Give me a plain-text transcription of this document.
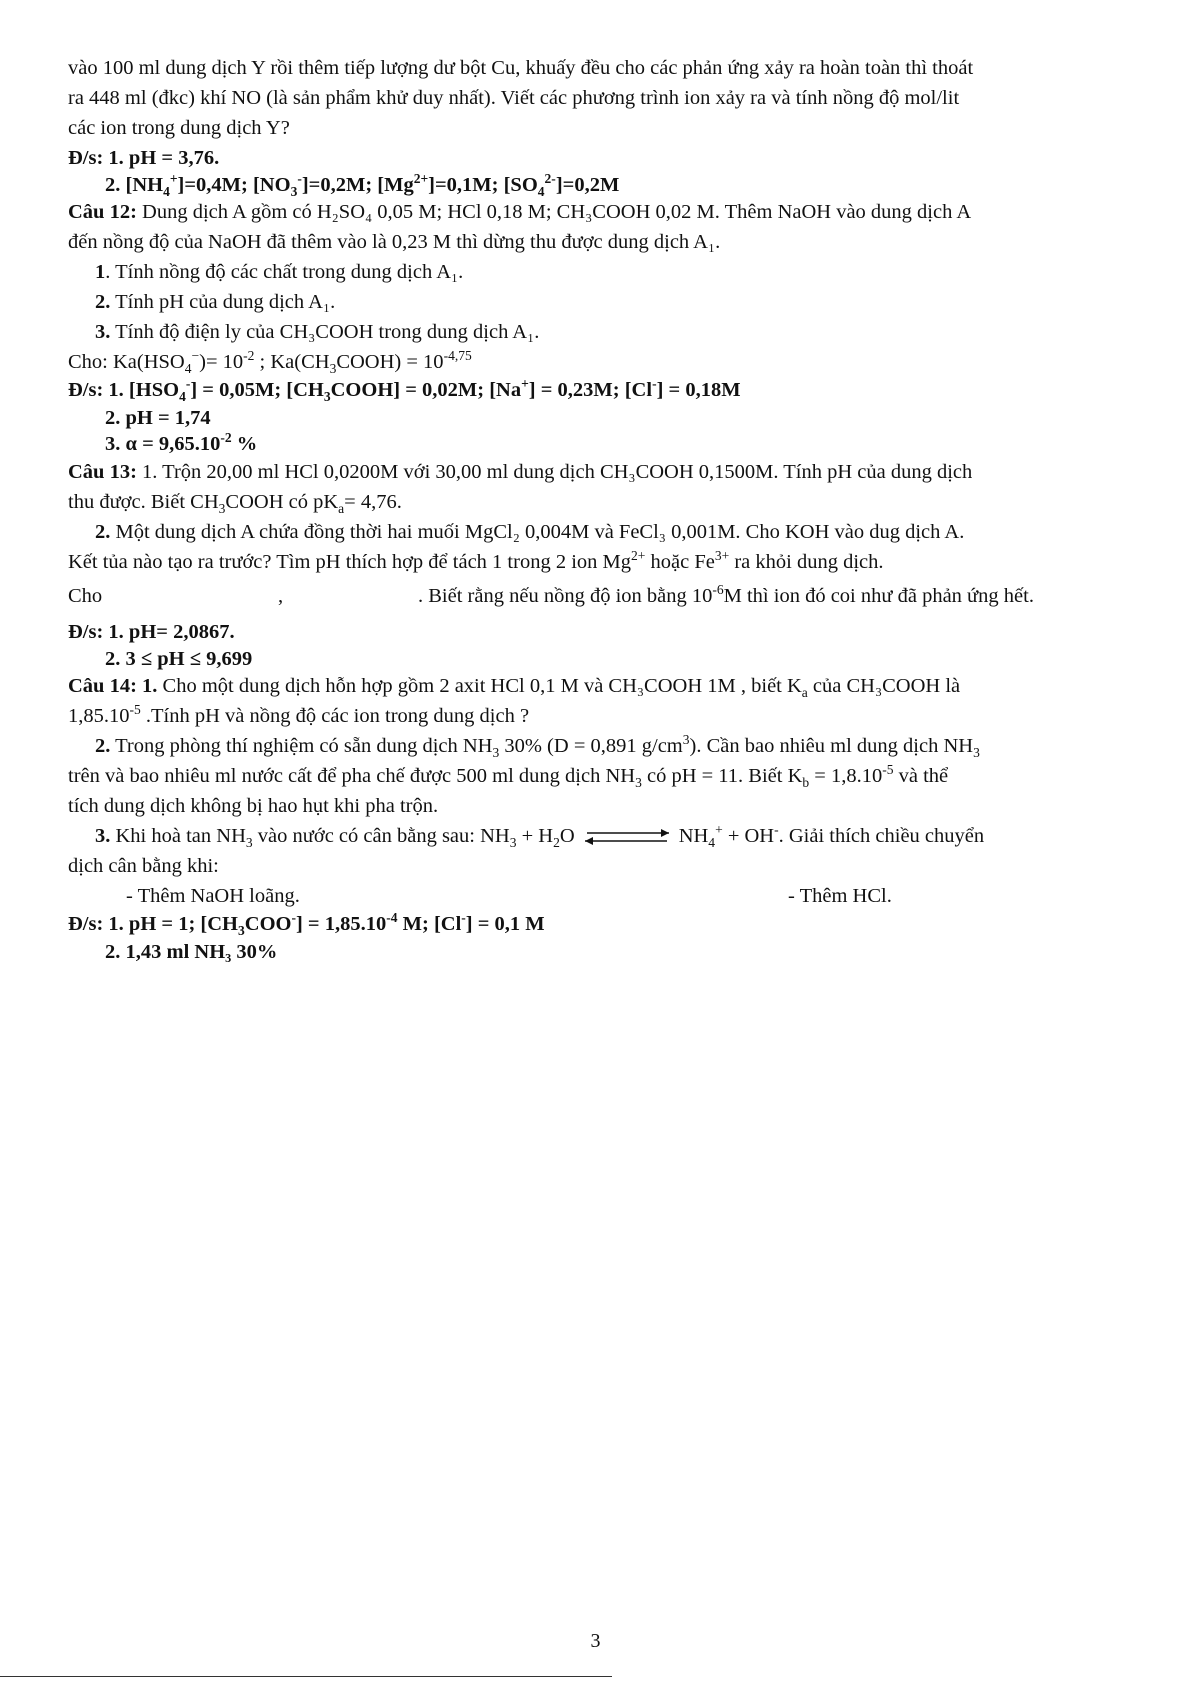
vào 100 ml dung dịch Y rồi thêm tiếp lượng dư bột Cu, khuấy đều cho các phản ứng xảy ra hoàn toàn thì thoát
ra 448 ml (đkc) khí NO (là sản phẩm khử duy nhất). Viết các phương trình ion xảy ra và tính nồng độ mol/lit
các ion trong dung dịch Y?
Đ/s: 1. pH = 3,76.
2. $[NH_4^+]=0,4M$; $[NO_3^-]=0,2M$; $[Mg^{2+}]=0,1M$; $[SO_4^{2-}]=0,2M$
Câu 12: Dung dịch A gồm có H₂SO₄ 0,05 M; HCl 0,18 M; CH₃COOH 0,02 M. Thêm NaOH vào dung dịch A
đến nồng độ của NaOH đã thêm vào là 0,23 M thì dừng thu được dung dịch A₁.
1. Tính nồng độ các chất trong dung dịch A₁.
2. Tính pH của dung dịch A₁.
3. Tính độ điện ly của CH₃COOH trong dung dịch A₁.
Cho: $Ka(HSO_4^-)= 10^{-2}$ ; $Ka(CH_3COOH) = 10^{-4,75}$
Đ/s: 1. $[HSO_4^-] = 0,05M$; $[CH_3COOH] = 0,02M$; [Na+] = 0,23M; [Cl-] = 0,18M
2. pH = 1,74
3. $\alpha = 9,65.10^{-2}$ %
Câu 13: 1. Trộn 20,00 ml HCl 0,0200M với 30,00 ml dung dịch CH₃COOH 0,1500M. Tính pH của dung dịch
thu được. Biết $CH_3COOH$ có $pK_a= 4,76$.
2. Một dung dịch A chứa đồng thời hai muối MgCl₂ 0,004M và FeCl₃ 0,001M. Cho KOH vào dug dịch A.
Kết tủa nào tạo ra trước? Tìm pH thích hợp để tách 1 trong 2 ion $Mg^{2+}$ hoặc $Fe^{3+}$ ra khỏi dung dịch.
Cho	,	. Biết rằng nếu nồng độ ion bằng $10^{-6}M$ thì ion đó coi như đã phản ứng hết.
Đ/s: 1. pH= 2,0867.
2. 3 ≤ pH ≤ 9,699
Câu 14: 1. Cho một dung dịch hỗn hợp gồm 2 axit HCl 0,1 M và CH₃COOH 1M , biết $K_a$ của CH₃COOH là
$1,85.10^{-5}$ .Tính pH và nồng độ các ion trong dung dịch ?
2. Trong phòng thí nghiệm có sẵn dung dịch $NH_3$ 30% (D = 0,891 $g/cm^3$). Cần bao nhiêu ml dung dịch $NH_3$
trên và bao nhiêu ml nước cất để pha chế được 500 ml dung dịch $NH_3$ có pH = 11. Biết $K_b = 1,8.10^{-5}$ và thể
tích dung dịch không bị hao hụt khi pha trộn.
3. Khi hoà $\tan NH_3$ vào nước có cân bằng sau: $NH_3 + H_2O$	$NH_4^+ + OH^-$. Giải thích chiều chuyển
dịch cân bằng khi:
- Thêm NaOH loãng.	- Thêm HCl.
Đ/s: 1. pH = 1; $[CH_3COO^-] = 1,85.10^{-4}$ M; [Cl-] = 0,1 M
2. 1,43 ml NH₃ 30%
3
